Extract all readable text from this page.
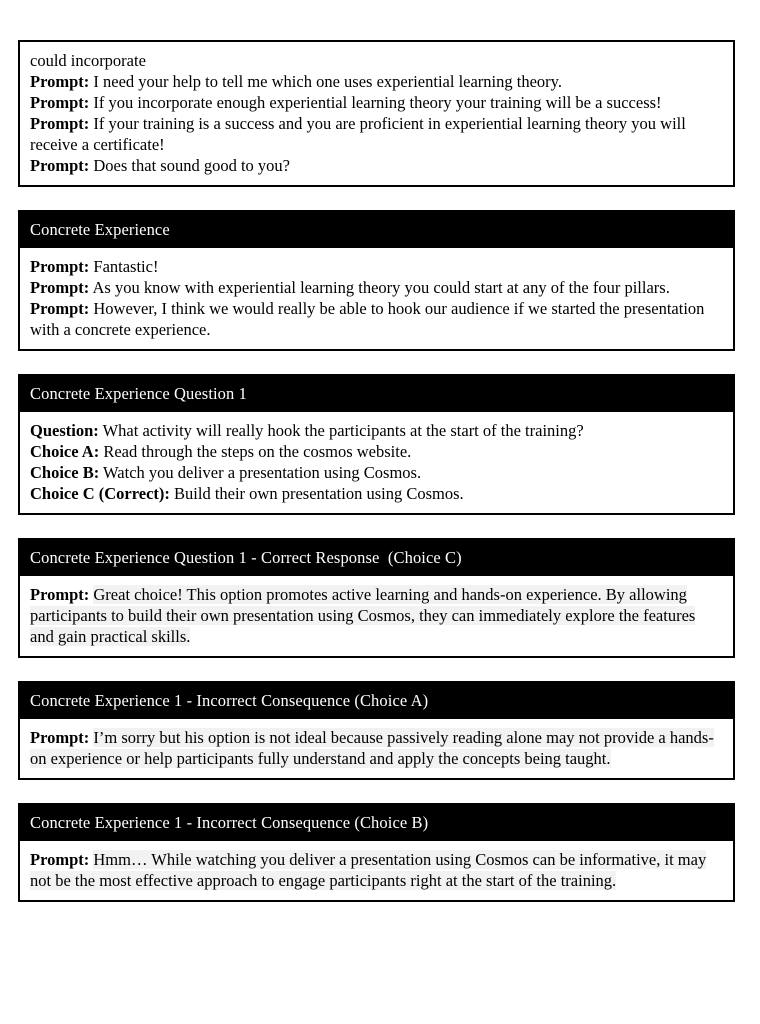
could incorporate
Prompt: I need your help to tell me which one uses experiential learning theory.
Prompt: If you incorporate enough experiential learning theory your training will be a success!
Prompt: If your training is a success and you are proficient in experiential learning theory you will receive a certificate!
Prompt: Does that sound good to you?
Concrete Experience
Prompt: Fantastic!
Prompt: As you know with experiential learning theory you could start at any of the four pillars.
Prompt: However, I think we would really be able to hook our audience if we started the presentation with a concrete experience.
Concrete Experience Question 1
Question: What activity will really hook the participants at the start of the training?
Choice A: Read through the steps on the cosmos website.
Choice B: Watch you deliver a presentation using Cosmos.
Choice C (Correct): Build their own presentation using Cosmos.
Concrete Experience Question 1 - Correct Response  (Choice C)
Prompt: Great choice! This option promotes active learning and hands-on experience. By allowing participants to build their own presentation using Cosmos, they can immediately explore the features and gain practical skills.
Concrete Experience 1 - Incorrect Consequence (Choice A)
Prompt: I’m sorry but his option is not ideal because passively reading alone may not provide a hands-on experience or help participants fully understand and apply the concepts being taught.
Concrete Experience 1 - Incorrect Consequence (Choice B)
Prompt: Hmm… While watching you deliver a presentation using Cosmos can be informative, it may not be the most effective approach to engage participants right at the start of the training.
